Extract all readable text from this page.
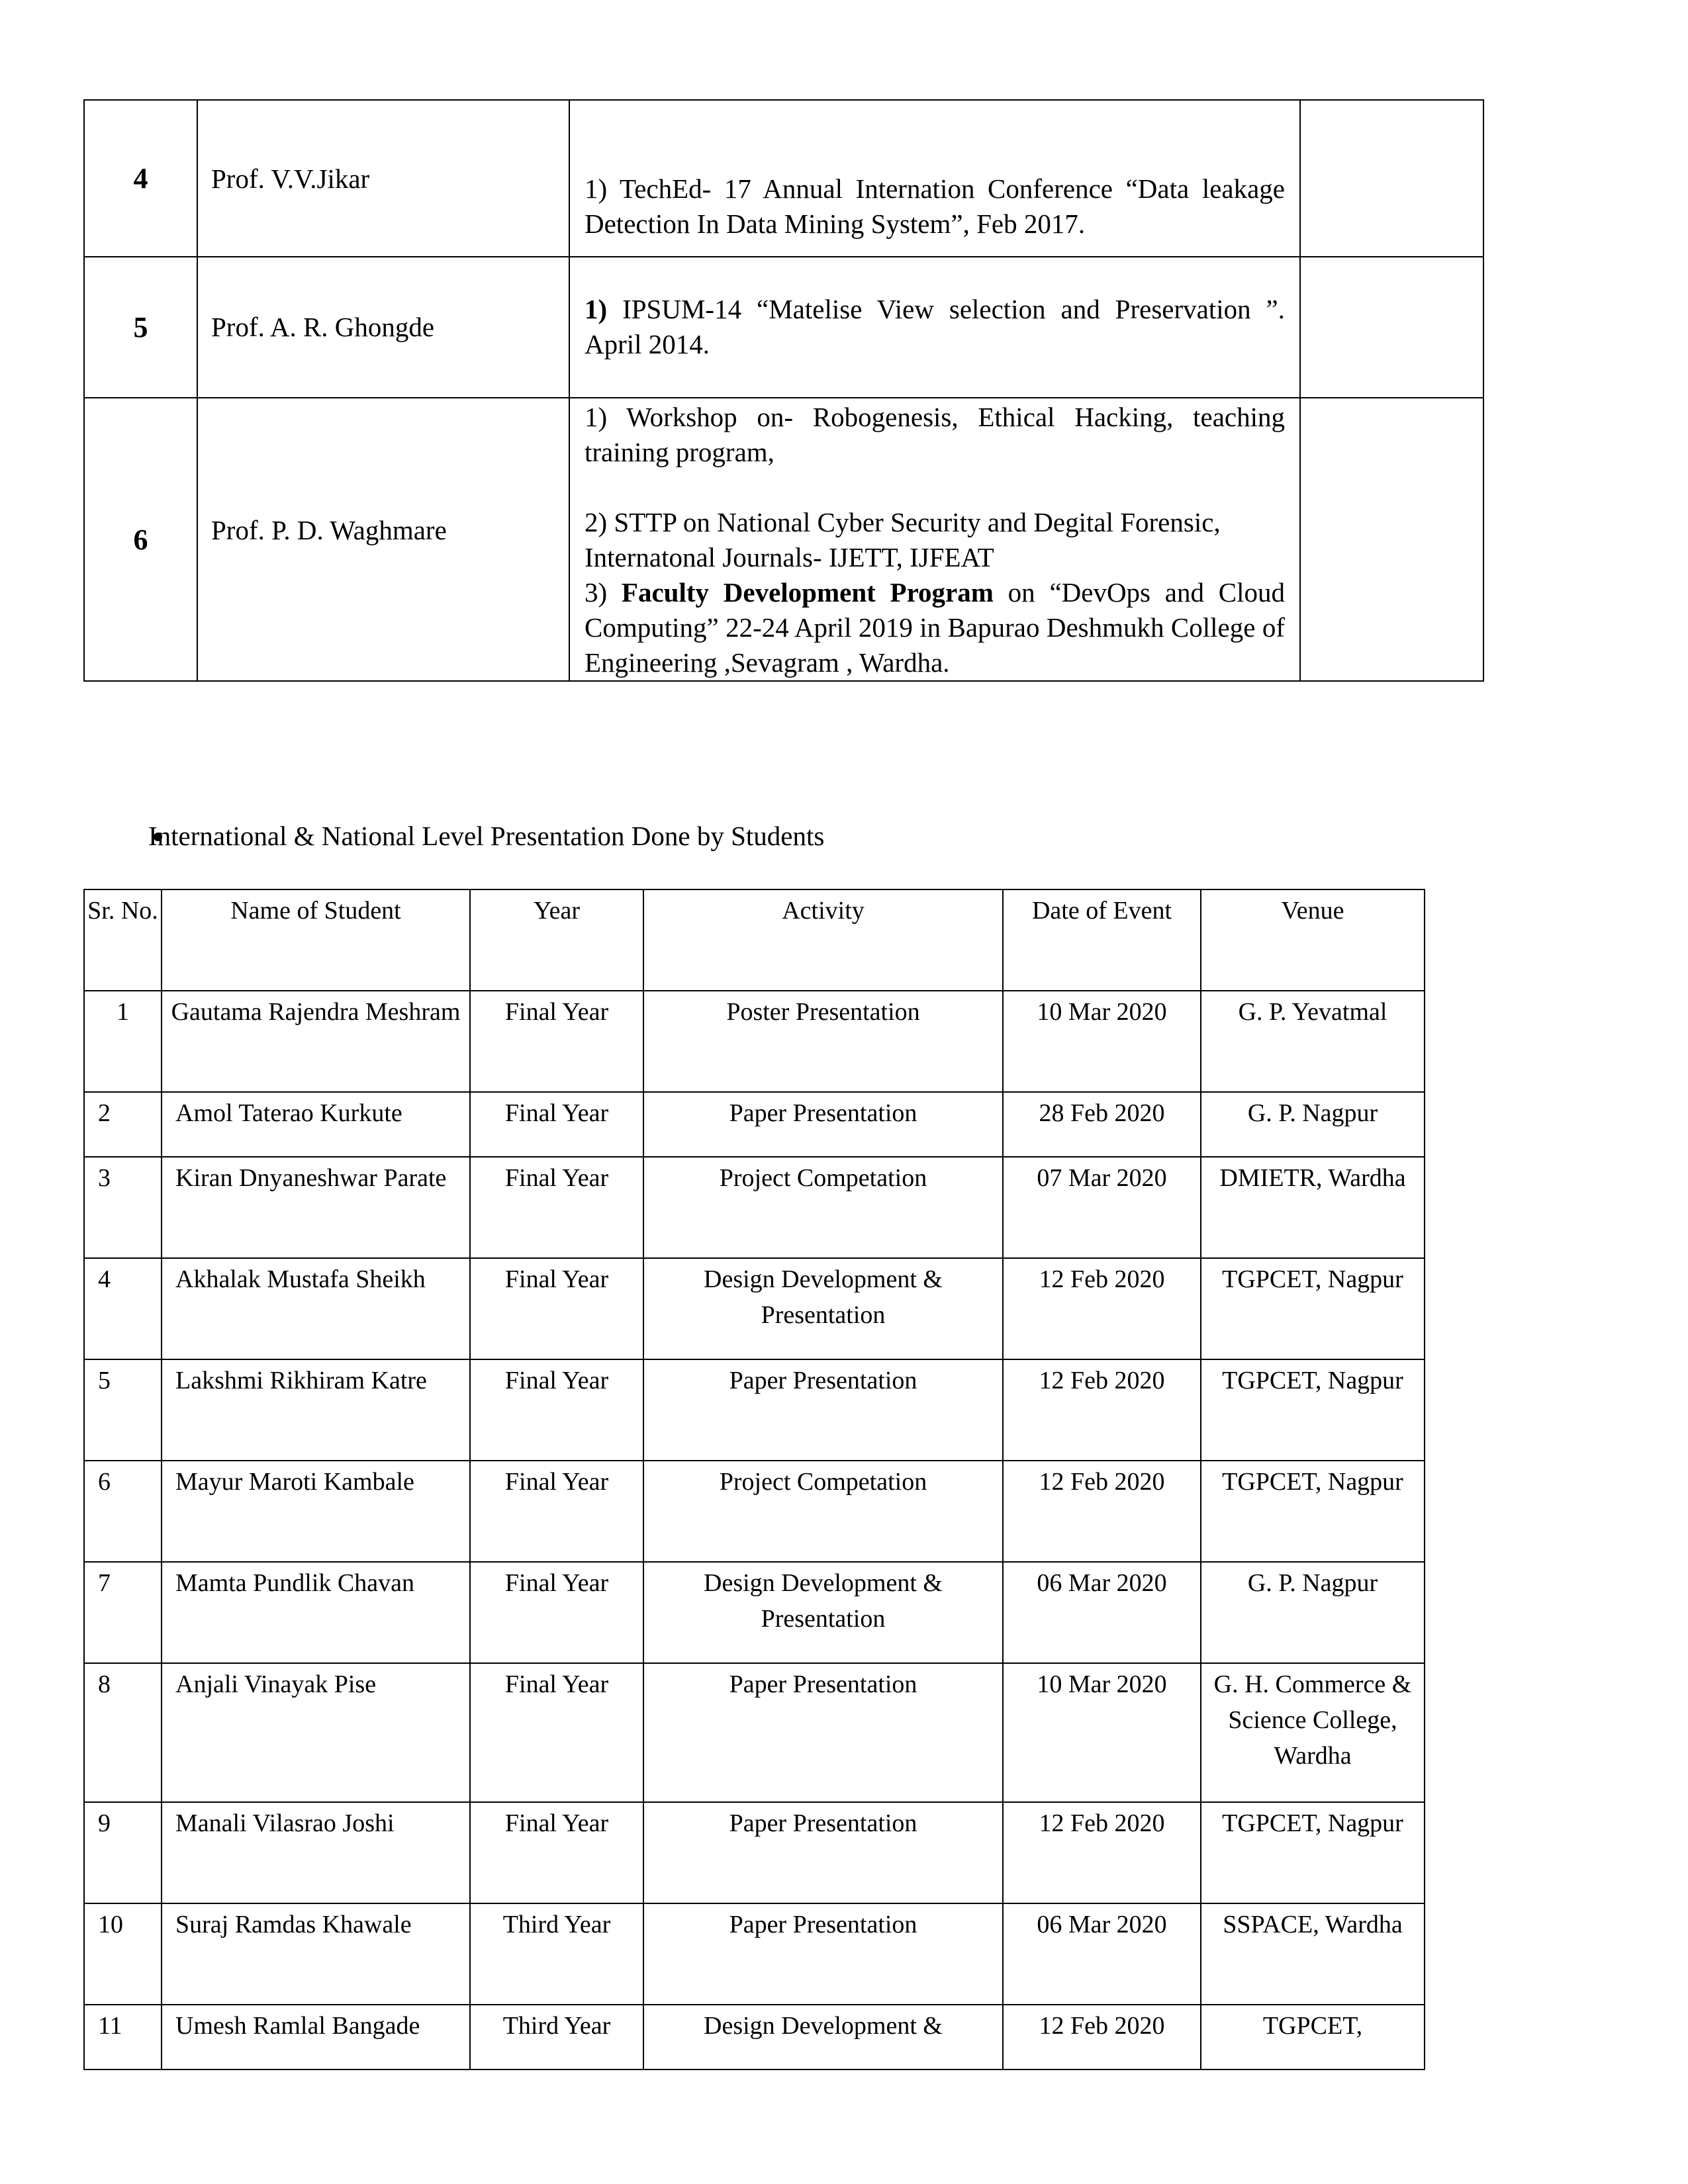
4	Prof. V.V.Jikar	1) TechEd- 17 Annual Internation Conference “Data leakage Detection In Data Mining System”, Feb 2017.	

5	Prof. A. R. Ghongde	1) IPSUM-14 “Matelise View selection and Preservation ”. April 2014.	

6	Prof. P. D. Waghmare	1) Workshop on- Robogenesis, Ethical Hacking, teaching training program,
2) STTP on National Cyber Security and Degital Forensic, Internatonal Journals- IJETT, IJFEAT
3) Faculty Development Program on “DevOps and Cloud Computing” 22-24 April 2019 in Bapurao Deshmukh College of Engineering ,Sevagram , Wardha.	

International & National Level Presentation Done by Students
Sr. No.	Name of Student	Year	Activity	Date of Event	Venue
1	Gautama Rajendra Meshram	Final Year	Poster Presentation	10 Mar 2020	G. P. Yevatmal
2	Amol Taterao Kurkute	Final Year	Paper Presentation	28 Feb 2020	G. P. Nagpur
3	Kiran Dnyaneshwar Parate	Final Year	Project Competation	07 Mar 2020	DMIETR, Wardha
4	Akhalak Mustafa Sheikh	Final Year	Design Development & Presentation	12 Feb 2020	TGPCET, Nagpur
5	Lakshmi Rikhiram Katre	Final Year	Paper Presentation	12 Feb 2020	TGPCET, Nagpur
6	Mayur Maroti Kambale	Final Year	Project Competation	12 Feb 2020	TGPCET, Nagpur
7	Mamta Pundlik Chavan	Final Year	Design Development & Presentation	06 Mar 2020	G. P. Nagpur
8	Anjali Vinayak Pise	Final Year	Paper Presentation	10 Mar 2020	G. H. Commerce & Science College, Wardha
9	Manali Vilasrao Joshi	Final Year	Paper Presentation	12 Feb 2020	TGPCET, Nagpur
10	Suraj Ramdas Khawale	Third Year	Paper Presentation	06 Mar 2020	SSPACE, Wardha
11	Umesh Ramlal Bangade	Third Year	Design Development &	12 Feb 2020	TGPCET,
